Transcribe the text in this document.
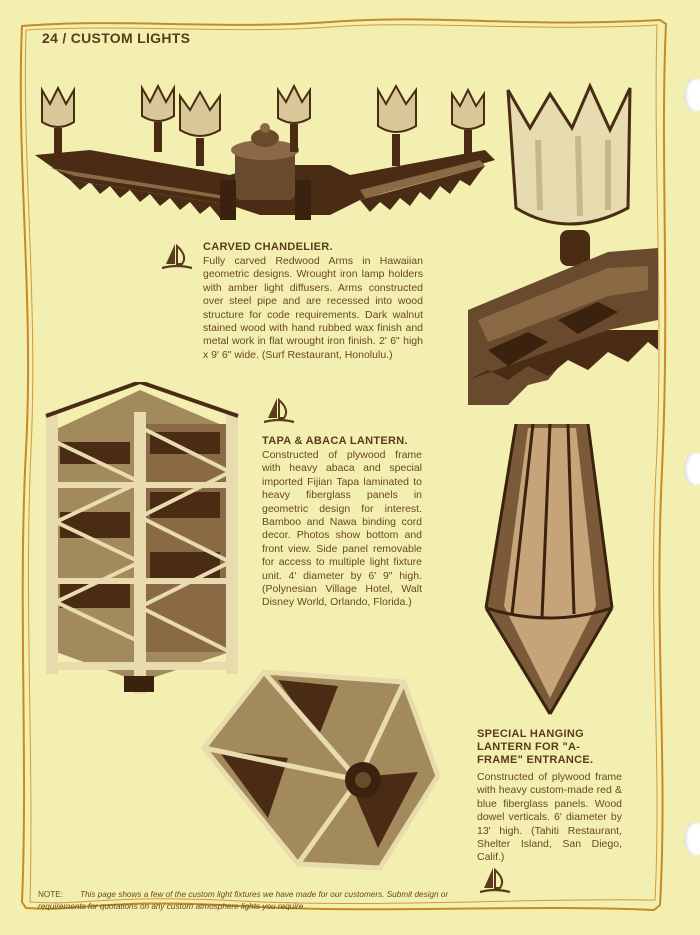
24 / CUSTOM LIGHTS
CARVED CHANDELIER.

Fully carved Redwood Arms in Hawaiian geometric designs. Wrought iron lamp holders with amber light diffusers. Arms constructed over steel pipe and are recessed into wood structure for code requirements. Dark walnut stained wood with hand rubbed wax finish and metal work in flat wrought iron finish. 2' 6" high x 9' 6" wide. (Surf Restaurant, Honolulu.)

TAPA & ABACA LANTERN.

Constructed of plywood frame with heavy abaca and special imported Fijian Tapa laminated to heavy fiberglass panels in geometric design for interest. Bamboo and Nawa binding cord decor. Photos show bottom and front view. Side panel removable for access to multiple light fixture unit. 4' diameter by 6' 9" high. (Polynesian Village Hotel, Walt Disney World, Orlando, Florida.)

SPECIAL HANGING LANTERN FOR "A-FRAME" ENTRANCE.

Constructed of plywood frame with heavy custom-made red & blue fiberglass panels. Wood dowel verticals. 6' diameter by 13' high. (Tahiti Restaurant, Shelter Island, San Diego, Calif.)

NOTE: This page shows a few of the custom light fixtures we have made for our customers. Submit design or requirements for quotations on any custom atmosphere lights you require.
